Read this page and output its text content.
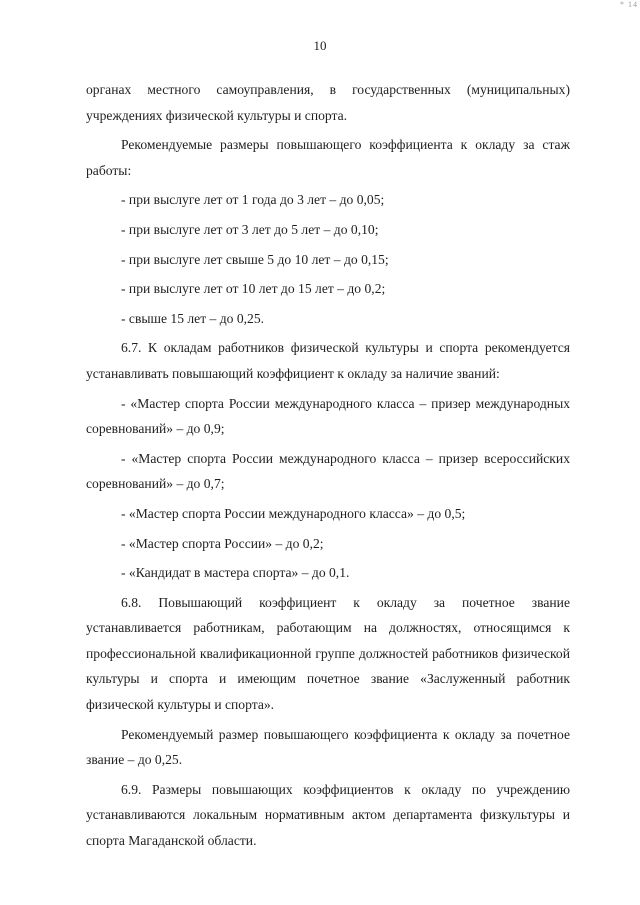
* 14
10

органах местного самоуправления, в государственных (муниципальных) учреждениях физической культуры и спорта.

Рекомендуемые размеры повышающего коэффициента к окладу за стаж работы:

- при выслуге лет от 1 года до 3 лет – до 0,05;

- при выслуге лет от 3 лет до 5 лет – до 0,10;

- при выслуге лет свыше 5 до 10 лет – до 0,15;

- при выслуге лет от 10 лет до 15 лет – до 0,2;

- свыше 15 лет – до 0,25.

6.7. К окладам работников физической культуры и спорта рекомендуется устанавливать повышающий коэффициент к окладу за наличие званий:

- «Мастер спорта России международного класса – призер международных соревнований» – до 0,9;

- «Мастер спорта России международного класса – призер всероссийских соревнований» – до 0,7;

- «Мастер спорта России международного класса» – до 0,5;

- «Мастер спорта России» – до 0,2;

- «Кандидат в мастера спорта» – до 0,1.

6.8. Повышающий коэффициент к окладу за почетное звание устанавливается работникам, работающим на должностях, относящимся к профессиональной квалификационной группе должностей работников физической культуры и спорта и имеющим почетное звание «Заслуженный работник физической культуры и спорта».

Рекомендуемый размер повышающего коэффициента к окладу за почетное звание – до 0,25.

6.9. Размеры повышающих коэффициентов к окладу по учреждению устанавливаются локальным нормативным актом департамента физкультуры и спорта Магаданской области.
